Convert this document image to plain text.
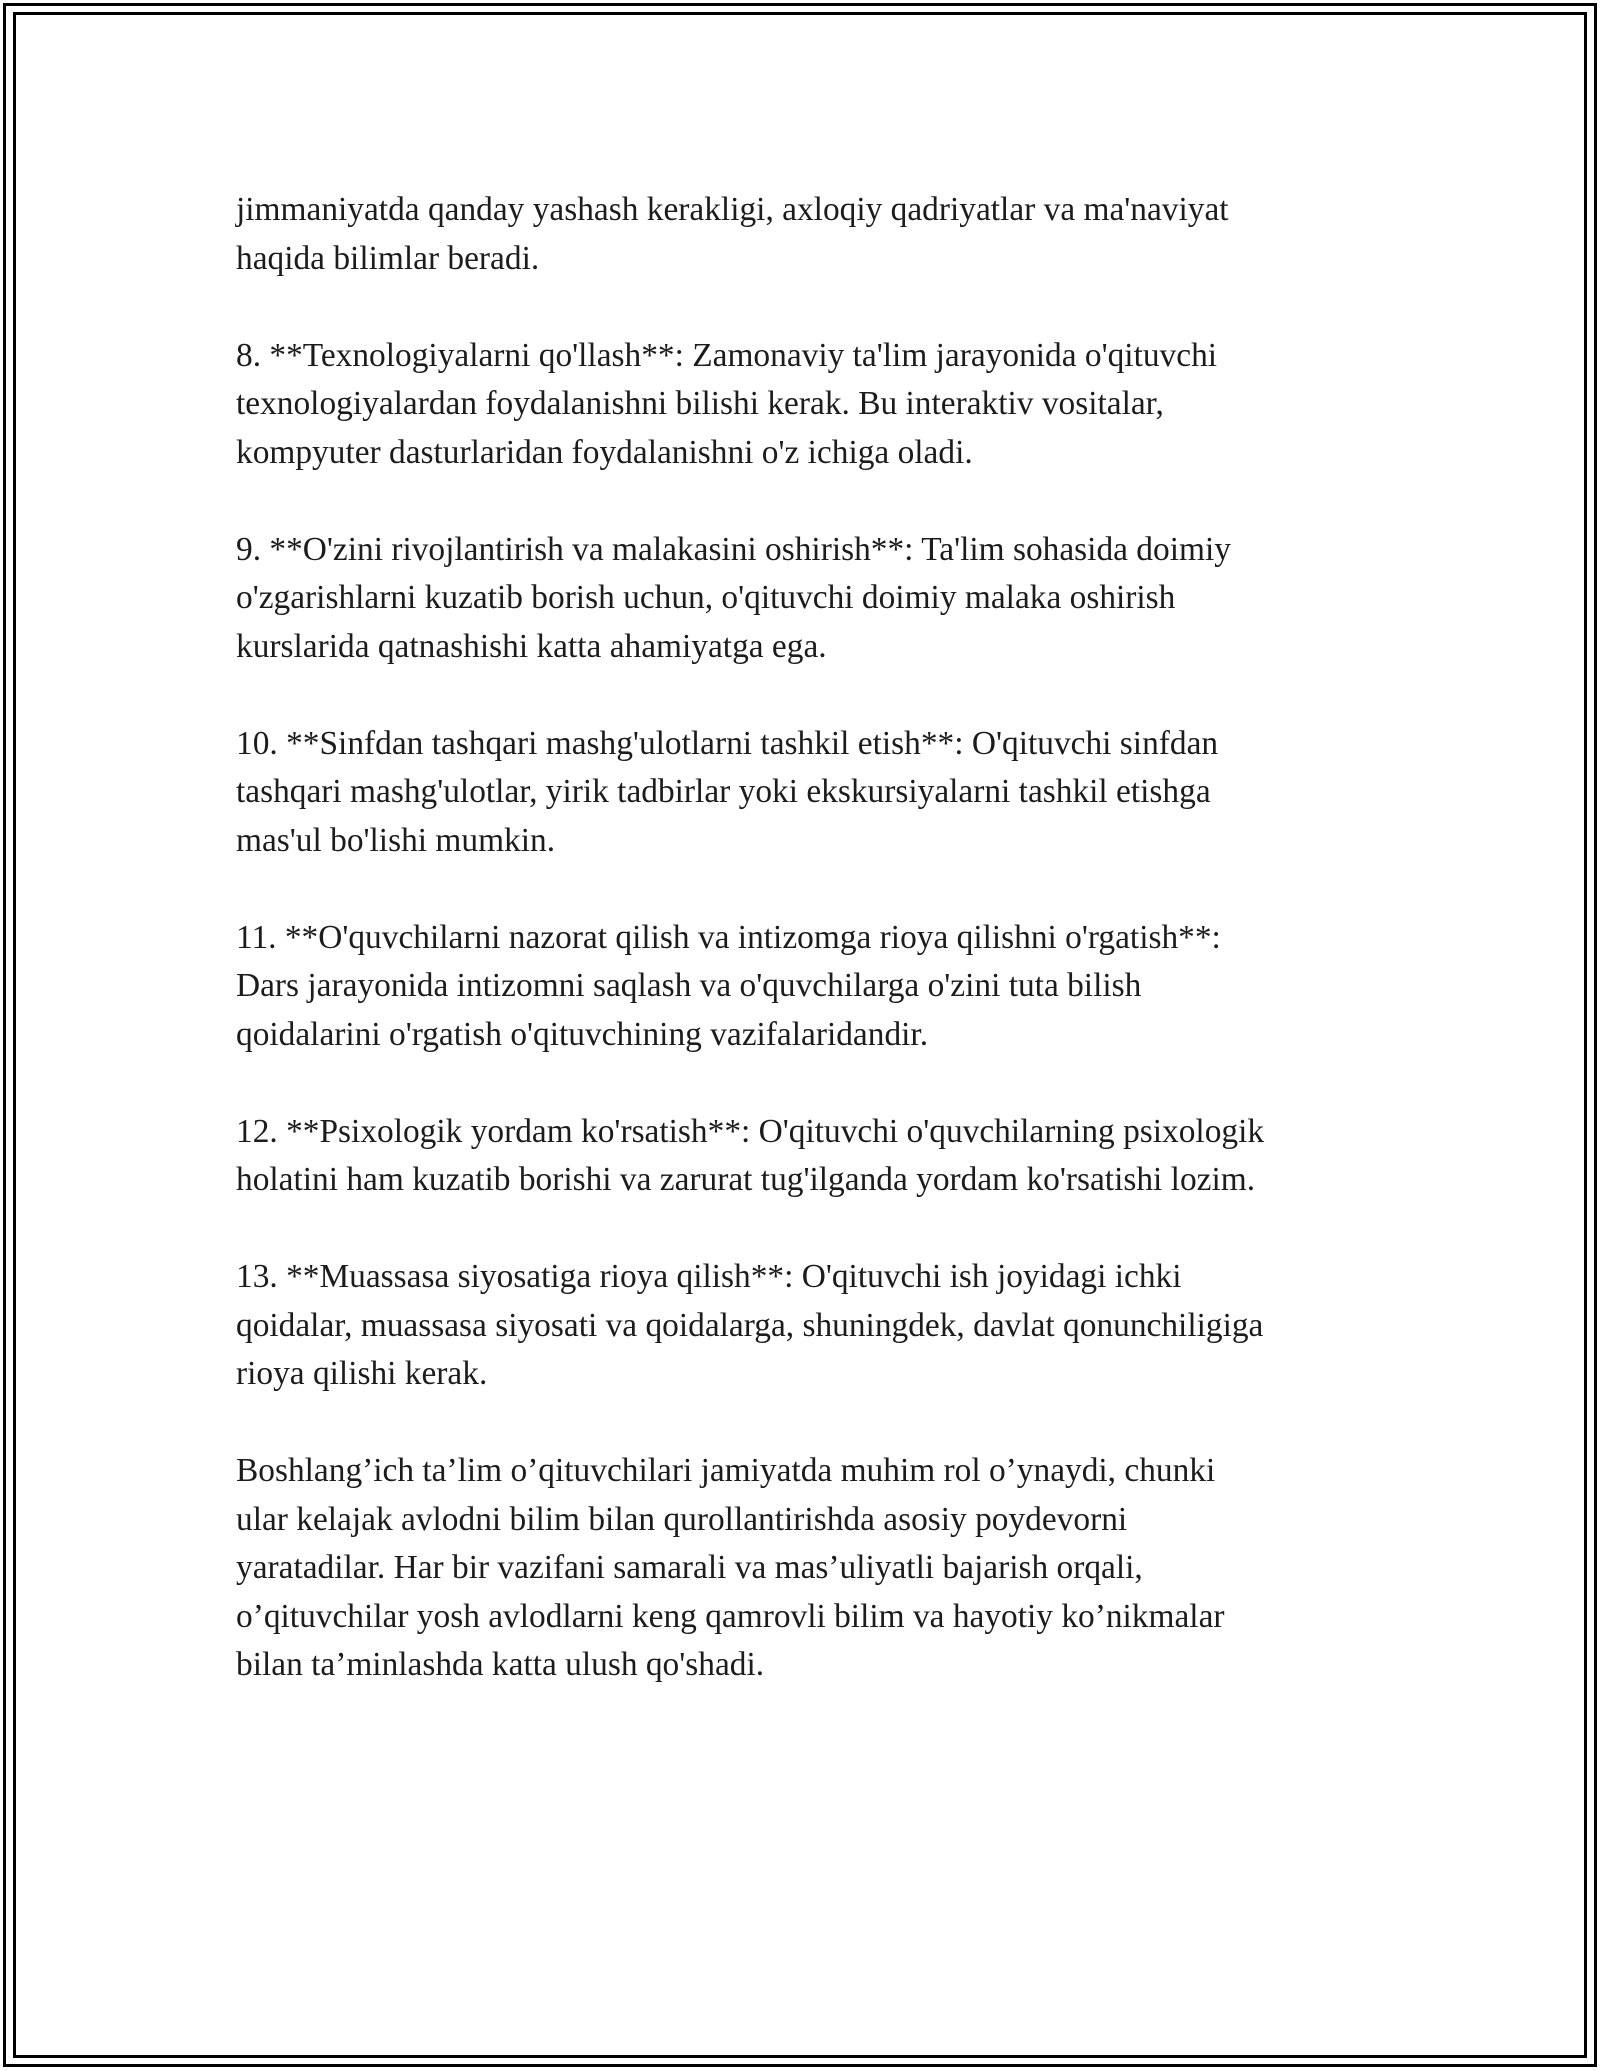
jimmaniyatda qanday yashash kerakligi, axloqiy qadriyatlar va ma'naviyat
haqida bilimlar beradi.

8. **Texnologiyalarni qo'llash**: Zamonaviy ta'lim jarayonida o'qituvchi
texnologiyalardan foydalanishni bilishi kerak. Bu interaktiv vositalar,
kompyuter dasturlaridan foydalanishni o'z ichiga oladi.

9. **O'zini rivojlantirish va malakasini oshirish**: Ta'lim sohasida doimiy
o'zgarishlarni kuzatib borish uchun, o'qituvchi doimiy malaka oshirish
kurslarida qatnashishi katta ahamiyatga ega.

10. **Sinfdan tashqari mashg'ulotlarni tashkil etish**: O'qituvchi sinfdan
tashqari mashg'ulotlar, yirik tadbirlar yoki ekskursiyalarni tashkil etishga
mas'ul bo'lishi mumkin.

11. **O'quvchilarni nazorat qilish va intizomga rioya qilishni o'rgatish**:
Dars jarayonida intizomni saqlash va o'quvchilarga o'zini tuta bilish
qoidalarini o'rgatish o'qituvchining vazifalaridandir.

12. **Psixologik yordam ko'rsatish**: O'qituvchi o'quvchilarning psixologik
holatini ham kuzatib borishi va zarurat tug'ilganda yordam ko'rsatishi lozim.

13. **Muassasa siyosatiga rioya qilish**: O'qituvchi ish joyidagi ichki
qoidalar, muassasa siyosati va qoidalarga, shuningdek, davlat qonunchiligiga
rioya qilishi kerak.

Boshlang’ich ta’lim o’qituvchilari jamiyatda muhim rol o’ynaydi, chunki
ular kelajak avlodni bilim bilan qurollantirishda asosiy poydevorni
yaratadilar. Har bir vazifani samarali va mas’uliyatli bajarish orqali,
o’qituvchilar yosh avlodlarni keng qamrovli bilim va hayotiy ko’nikmalar
bilan ta’minlashda katta ulush qo'shadi.
